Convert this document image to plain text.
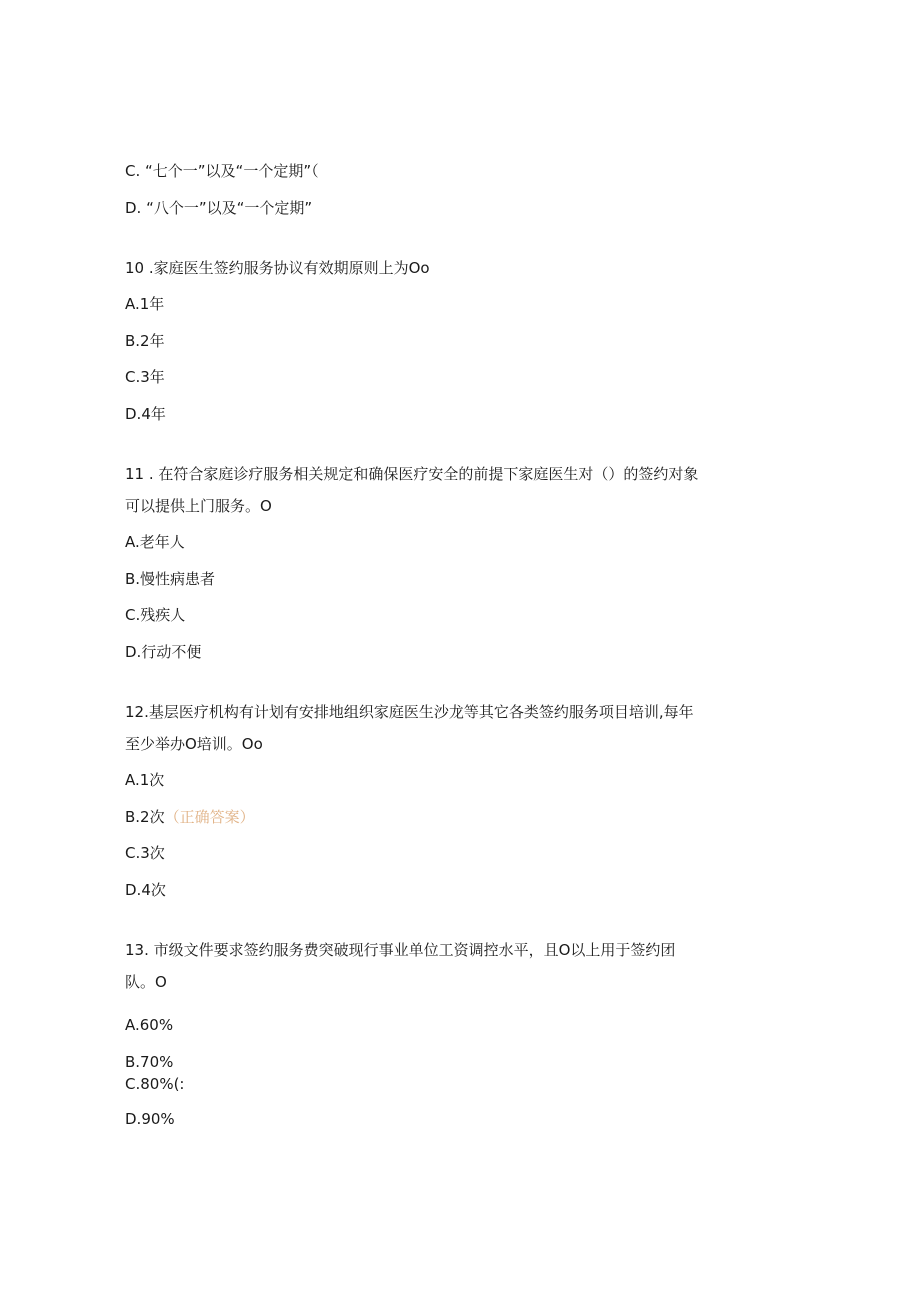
C. “七个一”以及“一个定期”（
D. “八个一”以及“一个定期”
10 .家庭医生签约服务协议有效期原则上为Oo
A.1年
B.2年
C.3年
D.4年
11 . 在符合家庭诊疗服务相关规定和确保医疗安全的前提下家庭医生对（）的签约对象
可以提供上门服务。O
A.老年人
B.慢性病患者
C.残疾人
D.行动不便
12.基层医疗机构有计划有安排地组织家庭医生沙龙等其它各类签约服务项目培训,每年
至少举办O培训。Oo
A.1次
B.2次（正确答案）
C.3次
D.4次
13. 市级文件要求签约服务费突破现行事业单位工资调控水平，且O以上用于签约团
队。O
A.60%
B.70%
C.80%(:
D.90%
